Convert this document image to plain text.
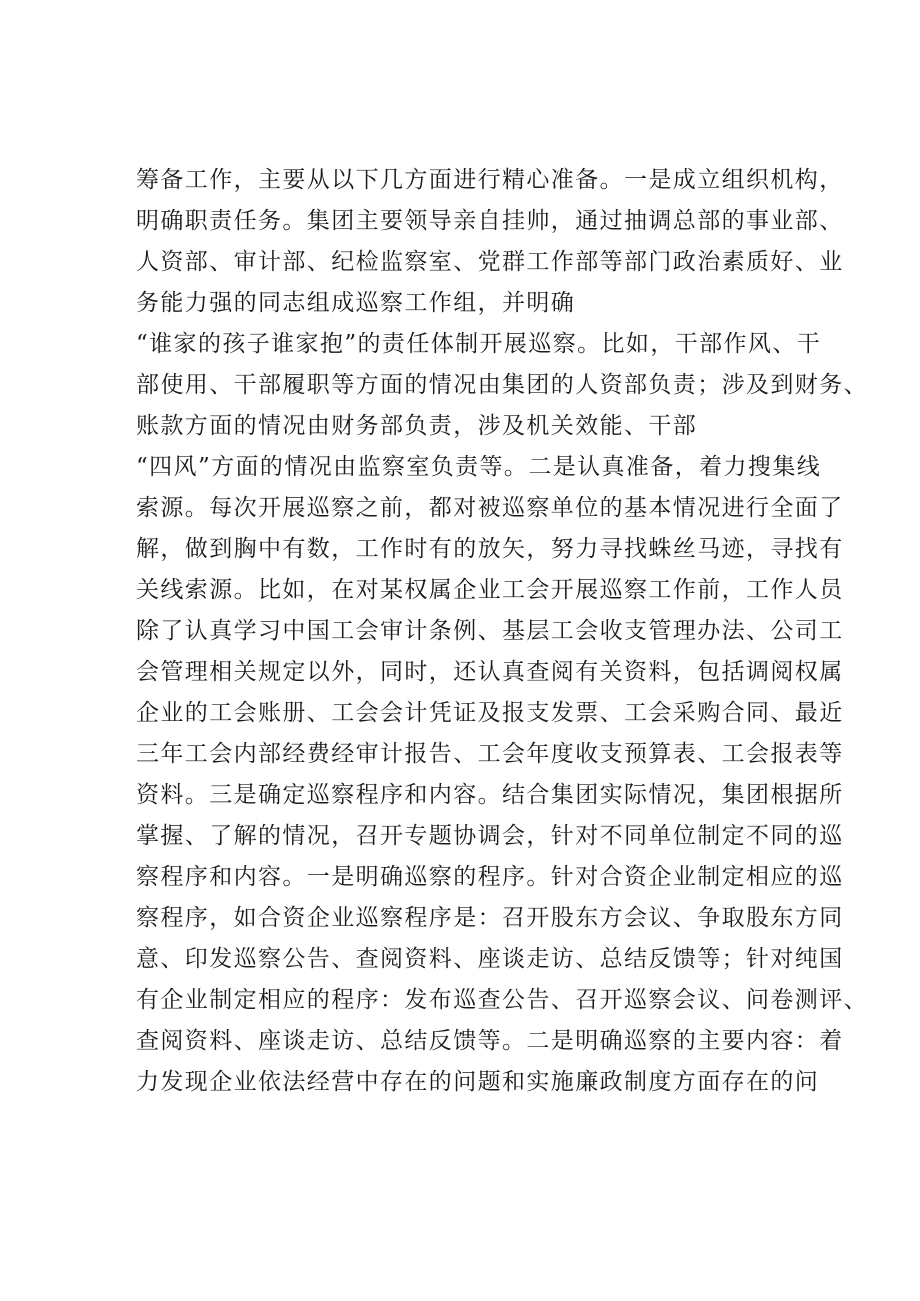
筹备工作，主要从以下几方面进行精心准备。一是成立组织机构，
明确职责任务。集团主要领导亲自挂帅，通过抽调总部的事业部、
人资部、审计部、纪检监察室、党群工作部等部门政治素质好、业
务能力强的同志组成巡察工作组，并明确
“谁家的孩子谁家抱”的责任体制开展巡察。比如，干部作风、干
部使用、干部履职等方面的情况由集团的人资部负责；涉及到财务、
账款方面的情况由财务部负责，涉及机关效能、干部
“四风”方面的情况由监察室负责等。二是认真准备，着力搜集线
索源。每次开展巡察之前，都对被巡察单位的基本情况进行全面了
解，做到胸中有数，工作时有的放矢，努力寻找蛛丝马迹，寻找有
关线索源。比如，在对某权属企业工会开展巡察工作前，工作人员
除了认真学习中国工会审计条例、基层工会收支管理办法、公司工
会管理相关规定以外，同时，还认真查阅有关资料，包括调阅权属
企业的工会账册、工会会计凭证及报支发票、工会采购合同、最近
三年工会内部经费经审计报告、工会年度收支预算表、工会报表等
资料。三是确定巡察程序和内容。结合集团实际情况，集团根据所
掌握、了解的情况，召开专题协调会，针对不同单位制定不同的巡
察程序和内容。一是明确巡察的程序。针对合资企业制定相应的巡
察程序，如合资企业巡察程序是：召开股东方会议、争取股东方同
意、印发巡察公告、查阅资料、座谈走访、总结反馈等；针对纯国
有企业制定相应的程序：发布巡查公告、召开巡察会议、问卷测评、
查阅资料、座谈走访、总结反馈等。二是明确巡察的主要内容：着
力发现企业依法经营中存在的问题和实施廉政制度方面存在的问
